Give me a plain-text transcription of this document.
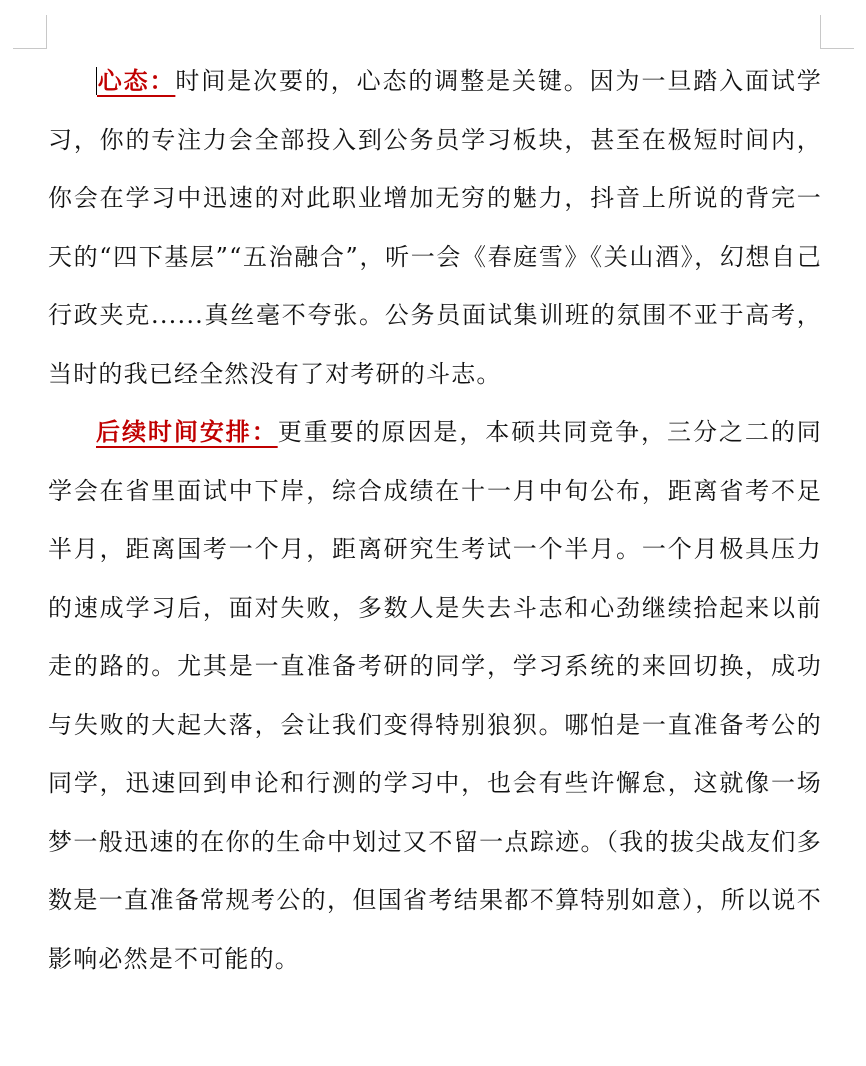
心态：时间是次要的，心态的调整是关键。因为一旦踏入面试学习，你的专注力会全部投入到公务员学习板块，甚至在极短时间内，你会在学习中迅速的对此职业增加无穷的魅力，抖音上所说的背完一天的“四下基层”“五治融合”，听一会《春庭雪》《关山酒》，幻想自己行政夹克......真丝毫不夸张。公务员面试集训班的氛围不亚于高考，当时的我已经全然没有了对考研的斗志。

后续时间安排：更重要的原因是，本硕共同竞争，三分之二的同学会在省里面试中下岸，综合成绩在十一月中旬公布，距离省考不足半月，距离国考一个月，距离研究生考试一个半月。一个月极具压力的速成学习后，面对失败，多数人是失去斗志和心劲继续拾起来以前走的路的。尤其是一直准备考研的同学，学习系统的来回切换，成功与失败的大起大落，会让我们变得特别狼狈。哪怕是一直准备考公的同学，迅速回到申论和行测的学习中，也会有些许懈怠，这就像一场梦一般迅速的在你的生命中划过又不留一点踪迹。（我的拔尖战友们多数是一直准备常规考公的，但国省考结果都不算特别如意），所以说不影响必然是不可能的。
